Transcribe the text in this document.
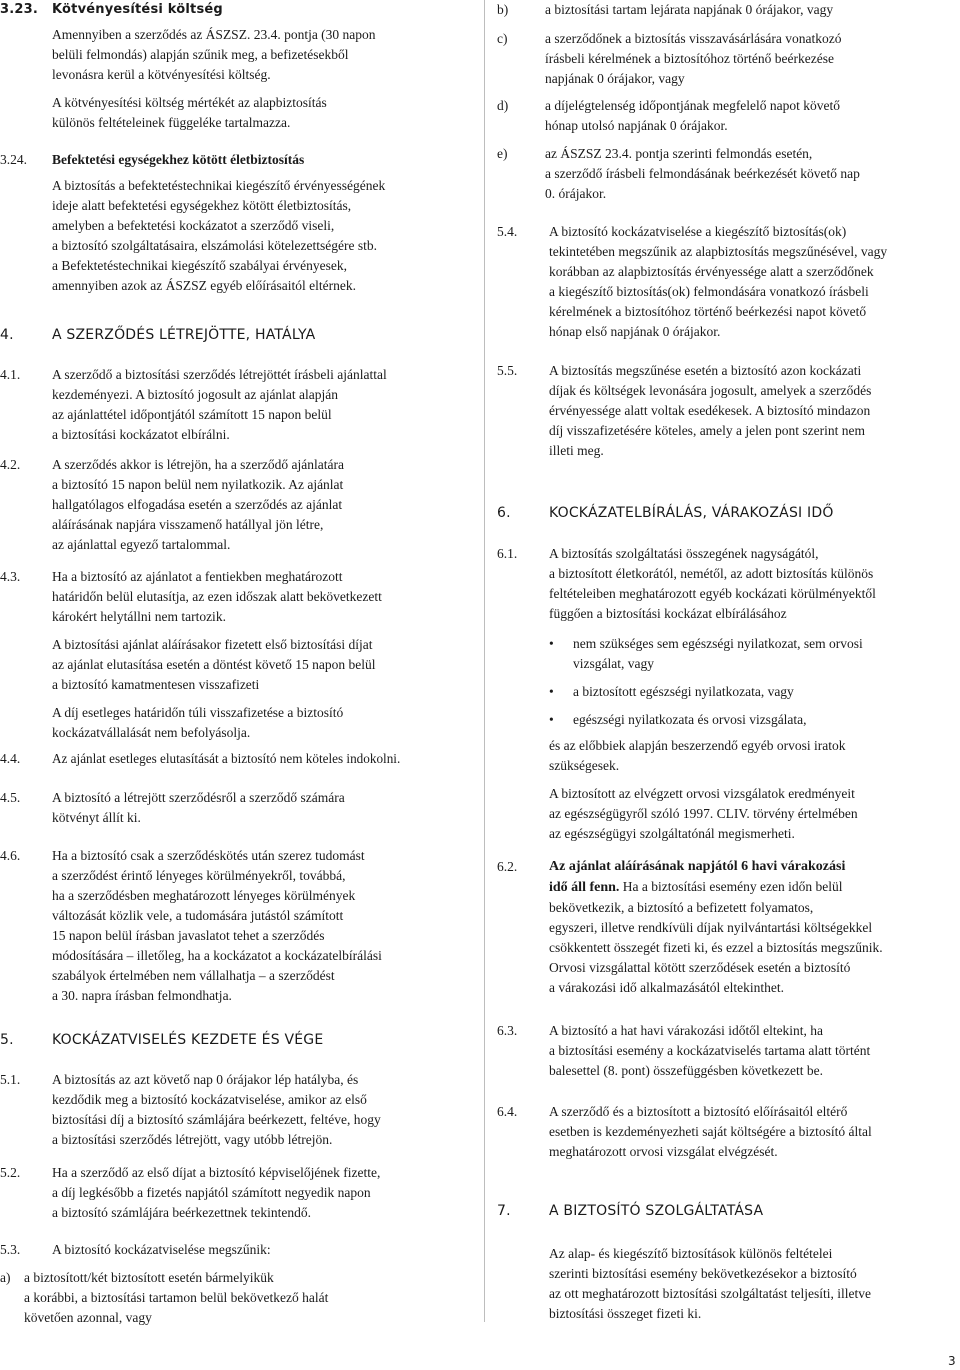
3.23. Kötvényesítési költség

Amennyiben a szerződés az ÁSZSZ. 23.4. pontja (30 napon
belüli felmondás) alapján szűnik meg, a befizetésekből
levonásra kerül a kötvényesítési költség.
A kötvényesítési költség mértékét az alapbiztosítás
különös feltételeinek függeléke tartalmazza.
3.24. Befektetési egységekhez kötött életbiztosítás

A biztosítás a befektetéstechnikai kiegészítő érvényességének
ideje alatt befektetési egységekhez kötött életbiztosítás,
amelyben a befektetési kockázatot a szerződő viseli,
a biztosító szolgáltatásaira, elszámolási kötelezettségére stb.
a Befektetéstechnikai kiegészítő szabályai érvényesek,
amennyiben azok az ÁSZSZ egyéb előírásaitól eltérnek.
4.	A SZERZŐDÉS LÉTREJÖTTE, HATÁLYA
4.1. A szerződő a biztosítási szerződés létrejöttét írásbeli ajánlattal
kezdeményezi. A biztosító jogosult az ajánlat alapján
az ajánlattétel időpontjától számított 15 napon belül
a biztosítási kockázatot elbírálni.
4.2. A szerződés akkor is létrejön, ha a szerződő ajánlatára
a biztosító 15 napon belül nem nyilatkozik. Az ajánlat
hallgatólagos elfogadása esetén a szerződés az ajánlat
aláírásának napjára visszamenő hatállyal jön létre,
az ajánlattal egyező tartalommal.
4.3. Ha a biztosító az ajánlatot a fentiekben meghatározott
határidőn belül elutasítja, az ezen időszak alatt bekövetkezett
károkért helytállni nem tartozik.
A biztosítási ajánlat aláírásakor fizetett első biztosítási díjat
az ajánlat elutasítása esetén a döntést követő 15 napon belül
a biztosító kamatmentesen visszafizeti
A díj esetleges határidőn túli visszafizetése a biztosító
kockázatvállalását nem befolyásolja.
4.4. Az ajánlat esetleges elutasítását a biztosító nem köteles indokolni.
4.5. A biztosító a létrejött szerződésről a szerződő számára
kötvényt állít ki.
4.6. Ha a biztosító csak a szerződéskötés után szerez tudomást
a szerződést érintő lényeges körülményekről, továbbá,
ha a szerződésben meghatározott lényeges körülmények
változását közlik vele, a tudomására jutástól számított
15 napon belül írásban javaslatot tehet a szerződés
módosítására – illetőleg, ha a kockázatot a kockázatelbírálási
szabályok értelmében nem vállalhatja – a szerződést
a 30. napra írásban felmondhatja.
5.	KOCKÁZATVISELÉS KEZDETE ÉS VÉGE
5.1. A biztosítás az azt követő nap 0 órájakor lép hatályba, és
kezdődik meg a biztosító kockázatviselése, amikor az első
biztosítási díj a biztosító számlájára beérkezett, feltéve, hogy
a biztosítási szerződés létrejött, vagy utóbb létrejön.
5.2. Ha a szerződő az első díjat a biztosító képviselőjének fizette,
a díj legkésőbb a fizetés napjától számított negyedik napon
a biztosító számlájára beérkezettnek tekintendő.
5.3. A biztosító kockázatviselése megszűnik:
a) a biztosított/két biztosított esetén bármelyikük
a korábbi, a biztosítási tartamon belül bekövetkező halát
követően azonnal, vagy
b)	a biztosítási tartam lejárata napjának 0 órájakor, vagy
c)	a szerződőnek a biztosítás visszavásárlására vonatkozó
írásbeli kérelmének a biztosítóhoz történő beérkezése
napjának 0 órájakor, vagy
d)	a díjelégtelenség időpontjának megfelelő napot követő
hónap utolsó napjának 0 órájakor.
e)	az ÁSZSZ 23.4. pontja szerinti felmondás esetén,
a szerződő írásbeli felmondásának beérkezését követő nap
0. órájakor.
5.4. A biztosító kockázatviselése a kiegészítő biztosítás(ok)
tekintetében megszűnik az alapbiztosítás megszűnésével, vagy
korábban az alapbiztosítás érvényessége alatt a szerződőnek
a kiegészítő biztosítás(ok) felmondására vonatkozó írásbeli
kérelmének a biztosítóhoz történő beérkezési napot követő
hónap első napjának 0 órájakor.
5.5. A biztosítás megszűnése esetén a biztosító azon kockázati
díjak és költségek levonására jogosult, amelyek a szerződés
érvényessége alatt voltak esedékesek. A biztosító mindazon
díj visszafizetésére köteles, amely a jelen pont szerint nem
illeti meg.
6.	KOCKÁZATELBÍRÁLÁS, VÁRAKOZÁSI IDŐ
6.1. A biztosítás szolgáltatási összegének nagyságától,
a biztosított életkorától, nemétől, az adott biztosítás különös
feltételeiben meghatározott egyéb kockázati körülményektől
függően a biztosítási kockázat elbírálásához
• nem szükséges sem egészségi nyilatkozat, sem orvosi
vizsgálat, vagy
• a biztosított egészségi nyilatkozata, vagy
• egészségi nyilatkozata és orvosi vizsgálata,
és az előbbiek alapján beszerzendő egyéb orvosi iratok
szükségesek.
A biztosított az elvégzett orvosi vizsgálatok eredményeit
az egészségügyről szóló 1997. CLIV. törvény értelmében
az egészségügyi szolgáltatónál megismerheti.
6.2. Az ajánlat aláírásának napjától 6 havi várakozási
idő áll fenn. Ha a biztosítási esemény ezen időn belül
bekövetkezik, a biztosító a befizetett folyamatos,
egyszeri, illetve rendkívüli díjak nyilvántartási költségekkel
csökkentett összegét fizeti ki, és ezzel a biztosítás megszűnik.
Orvosi vizsgálattal kötött szerződések esetén a biztosító
a várakozási idő alkalmazásától eltekinthet.
6.3. A biztosító a hat havi várakozási időtől eltekint, ha
a biztosítási esemény a kockázatviselés tartama alatt történt
balesettel (8. pont) összefüggésben következett be.
6.4. A szerződő és a biztosított a biztosító előírásaitól eltérő
esetben is kezdeményezheti saját költségére a biztosító által
meghatározott orvosi vizsgálat elvégzését.
7.	A BIZTOSÍTÓ SZOLGÁLTATÁSA
Az alap- és kiegészítő biztosítások különös feltételei
szerinti biztosítási esemény bekövetkezésekor a biztosító
az ott meghatározott biztosítási szolgáltatást teljesíti, illetve
biztosítási összeget fizeti ki.
3
